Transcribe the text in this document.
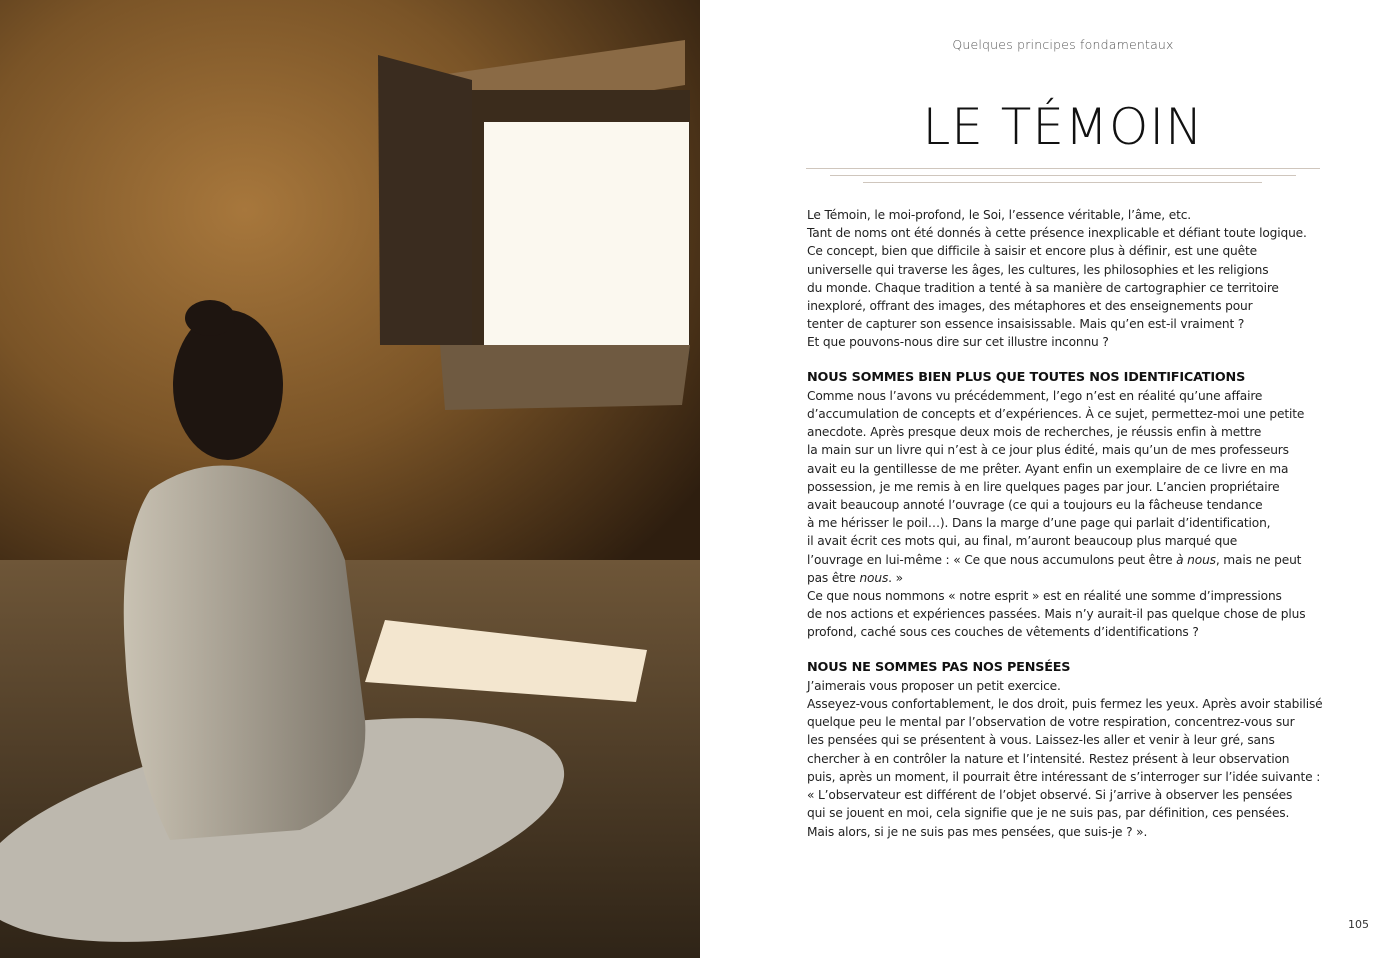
Quelques principes fondamentaux
LE TÉMOIN
Le Témoin, le moi-profond, le Soi, l’essence véritable, l’âme, etc.
Tant de noms ont été donnés à cette présence inexplicable et défiant toute logique.
Ce concept, bien que difficile à saisir et encore plus à définir, est une quête
universelle qui traverse les âges, les cultures, les philosophies et les religions
du monde. Chaque tradition a tenté à sa manière de cartographier ce territoire
inexploré, offrant des images, des métaphores et des enseignements pour
tenter de capturer son essence insaisissable. Mais qu’en est-il vraiment ?
Et que pouvons-nous dire sur cet illustre inconnu ?
NOUS SOMMES BIEN PLUS QUE TOUTES NOS IDENTIFICATIONS
Comme nous l’avons vu précédemment, l’ego n’est en réalité qu’une affaire
d’accumulation de concepts et d’expériences. À ce sujet, permettez-moi une petite
anecdote. Après presque deux mois de recherches, je réussis enfin à mettre
la main sur un livre qui n’est à ce jour plus édité, mais qu’un de mes professeurs
avait eu la gentillesse de me prêter. Ayant enfin un exemplaire de ce livre en ma
possession, je me remis à en lire quelques pages par jour. L’ancien propriétaire
avait beaucoup annoté l’ouvrage (ce qui a toujours eu la fâcheuse tendance
à me hérisser le poil…). Dans la marge d’une page qui parlait d’identification,
il avait écrit ces mots qui, au final, m’auront beaucoup plus marqué que
l’ouvrage en lui-même : « Ce que nous accumulons peut être à nous, mais ne peut
pas être nous. »
Ce que nous nommons « notre esprit » est en réalité une somme d’impressions
de nos actions et expériences passées. Mais n’y aurait-il pas quelque chose de plus
profond, caché sous ces couches de vêtements d’identifications ?
NOUS NE SOMMES PAS NOS PENSÉES
J’aimerais vous proposer un petit exercice.
Asseyez-vous confortablement, le dos droit, puis fermez les yeux. Après avoir stabilisé
quelque peu le mental par l’observation de votre respiration, concentrez-vous sur
les pensées qui se présentent à vous. Laissez-les aller et venir à leur gré, sans
chercher à en contrôler la nature et l’intensité. Restez présent à leur observation
puis, après un moment, il pourrait être intéressant de s’interroger sur l’idée suivante :
« L’observateur est différent de l’objet observé. Si j’arrive à observer les pensées
qui se jouent en moi, cela signifie que je ne suis pas, par définition, ces pensées.
Mais alors, si je ne suis pas mes pensées, que suis-je ? ».
105
